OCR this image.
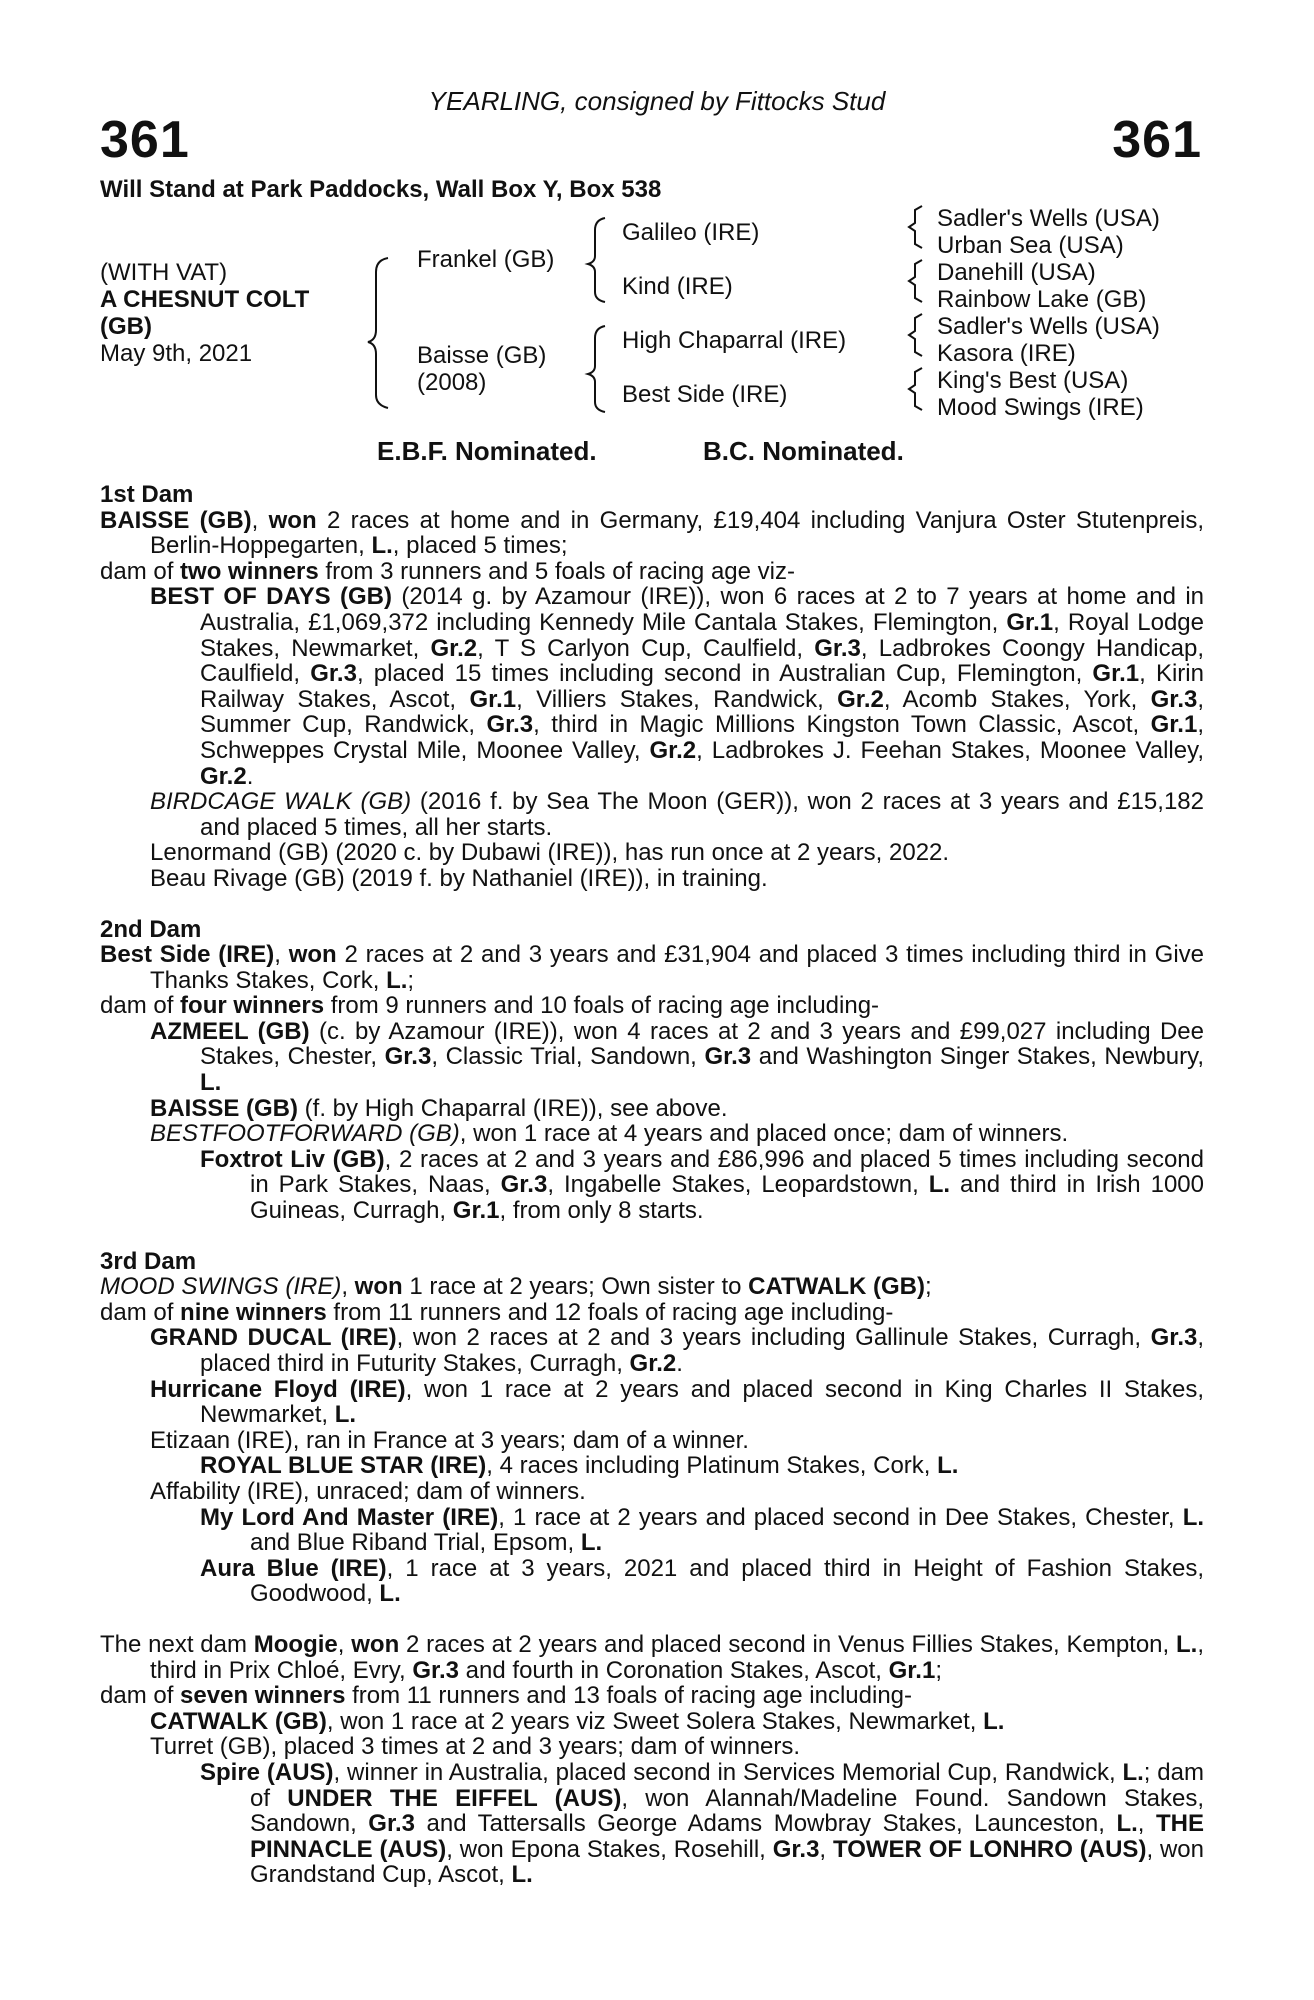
YEARLING, consigned by Fittocks Stud
361	361
Will Stand at Park Paddocks, Wall Box Y, Box 538
(WITH VAT)
A CHESNUT COLT
(GB)
May 9th, 2021
Frankel (GB)
Baisse (GB)
(2008)
Galileo (IRE)
Kind (IRE)
High Chaparral (IRE)
Best Side (IRE)
Sadler's Wells (USA)
Urban Sea (USA)
Danehill (USA)
Rainbow Lake (GB)
Sadler's Wells (USA)
Kasora (IRE)
King's Best (USA)
Mood Swings (IRE)
E.B.F. Nominated.	B.C. Nominated.
1st Dam
BAISSE (GB), won 2 races at home and in Germany, £19,404 including Vanjura Oster Stutenpreis, Berlin-Hoppegarten, L., placed 5 times;
dam of two winners from 3 runners and 5 foals of racing age viz-
BEST OF DAYS (GB) (2014 g. by Azamour (IRE)), won 6 races at 2 to 7 years at home and in Australia, £1,069,372 including Kennedy Mile Cantala Stakes, Flemington, Gr.1, Royal Lodge Stakes, Newmarket, Gr.2, T S Carlyon Cup, Caulfield, Gr.3, Ladbrokes Coongy Handicap, Caulfield, Gr.3, placed 15 times including second in Australian Cup, Flemington, Gr.1, Kirin Railway Stakes, Ascot, Gr.1, Villiers Stakes, Randwick, Gr.2, Acomb Stakes, York, Gr.3, Summer Cup, Randwick, Gr.3, third in Magic Millions Kingston Town Classic, Ascot, Gr.1, Schweppes Crystal Mile, Moonee Valley, Gr.2, Ladbrokes J. Feehan Stakes, Moonee Valley, Gr.2.
BIRDCAGE WALK (GB) (2016 f. by Sea The Moon (GER)), won 2 races at 3 years and £15,182 and placed 5 times, all her starts.
Lenormand (GB) (2020 c. by Dubawi (IRE)), has run once at 2 years, 2022.
Beau Rivage (GB) (2019 f. by Nathaniel (IRE)), in training.
2nd Dam
Best Side (IRE), won 2 races at 2 and 3 years and £31,904 and placed 3 times including third in Give Thanks Stakes, Cork, L.;
dam of four winners from 9 runners and 10 foals of racing age including-
AZMEEL (GB) (c. by Azamour (IRE)), won 4 races at 2 and 3 years and £99,027 including Dee Stakes, Chester, Gr.3, Classic Trial, Sandown, Gr.3 and Washington Singer Stakes, Newbury, L.
BAISSE (GB) (f. by High Chaparral (IRE)), see above.
BESTFOOTFORWARD (GB), won 1 race at 4 years and placed once; dam of winners.
Foxtrot Liv (GB), 2 races at 2 and 3 years and £86,996 and placed 5 times including second in Park Stakes, Naas, Gr.3, Ingabelle Stakes, Leopardstown, L. and third in Irish 1000 Guineas, Curragh, Gr.1, from only 8 starts.
3rd Dam
MOOD SWINGS (IRE), won 1 race at 2 years; Own sister to CATWALK (GB);
dam of nine winners from 11 runners and 12 foals of racing age including-
GRAND DUCAL (IRE), won 2 races at 2 and 3 years including Gallinule Stakes, Curragh, Gr.3, placed third in Futurity Stakes, Curragh, Gr.2.
Hurricane Floyd (IRE), won 1 race at 2 years and placed second in King Charles II Stakes, Newmarket, L.
Etizaan (IRE), ran in France at 3 years; dam of a winner.
ROYAL BLUE STAR (IRE), 4 races including Platinum Stakes, Cork, L.
Affability (IRE), unraced; dam of winners.
My Lord And Master (IRE), 1 race at 2 years and placed second in Dee Stakes, Chester, L. and Blue Riband Trial, Epsom, L.
Aura Blue (IRE), 1 race at 3 years, 2021 and placed third in Height of Fashion Stakes, Goodwood, L.
The next dam Moogie, won 2 races at 2 years and placed second in Venus Fillies Stakes, Kempton, L., third in Prix Chloé, Evry, Gr.3 and fourth in Coronation Stakes, Ascot, Gr.1;
dam of seven winners from 11 runners and 13 foals of racing age including-
CATWALK (GB), won 1 race at 2 years viz Sweet Solera Stakes, Newmarket, L.
Turret (GB), placed 3 times at 2 and 3 years; dam of winners.
Spire (AUS), winner in Australia, placed second in Services Memorial Cup, Randwick, L.; dam of UNDER THE EIFFEL (AUS), won Alannah/Madeline Found. Sandown Stakes, Sandown, Gr.3 and Tattersalls George Adams Mowbray Stakes, Launceston, L., THE PINNACLE (AUS), won Epona Stakes, Rosehill, Gr.3, TOWER OF LONHRO (AUS), won Grandstand Cup, Ascot, L.
